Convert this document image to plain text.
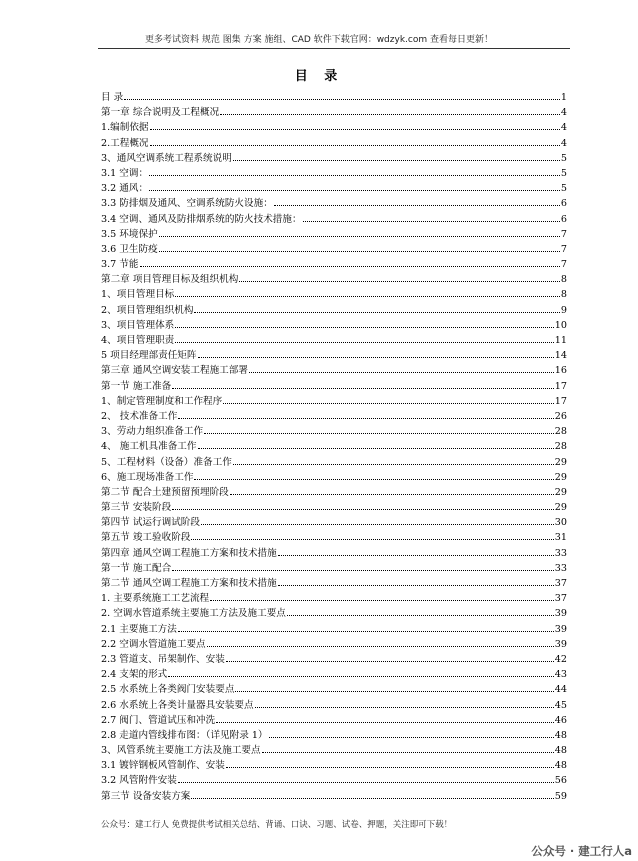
更多考试资料 规范 图集 方案 施组、CAD 软件下载官网：wdzyk.com 查看每日更新！
目 录
目 录	1
第一章 综合说明及工程概况	4
1.编制依据	4
2.工程概况	4
3、通风空调系统工程系统说明	5
3.1 空调：	5
3.2 通风：	5
3.3 防排烟及通风、空调系统防火设施：	6
3.4 空调、通风及防排烟系统的防火技术措施：	6
3.5 环境保护	7
3.6 卫生防疫	7
3.7 节能	7
第二章 项目管理目标及组织机构	8
1、项目管理目标	8
2、项目管理组织机构	9
3、项目管理体系	10
4、项目管理职责	11
5 项目经理部责任矩阵	14
第三章 通风空调安装工程施工部署	16
第一节 施工准备	17
1、制定管理制度和工作程序	17
2、 技术准备工作	26
3、劳动力组织准备工作	28
4、 施工机具准备工作	28
5、工程材料（设备）准备工作	29
6、施工现场准备工作	29
第二节 配合土建预留预埋阶段	29
第三节 安装阶段	29
第四节 试运行调试阶段	30
第五节 竣工验收阶段	31
第四章 通风空调工程施工方案和技术措施	33
第一节 施工配合	33
第二节 通风空调工程施工方案和技术措施	37
1. 主要系统施工工艺流程	37
2. 空调水管道系统主要施工方法及施工要点	39
2.1 主要施工方法	39
2.2 空调水管道施工要点	39
2.3 管道支、吊架制作、安装	42
2.4 支架的形式	43
2.5 水系统上各类阀门安装要点	44
2.6 水系统上各类计量器具安装要点	45
2.7 阀门、管道试压和冲洗	46
2.8 走道内管线排布图：（详见附录 1）	48
3、风管系统主要施工方法及施工要点	48
3.1 镀锌钢板风管制作、安装	48
3.2 风管附件安装	56
第三节 设备安装方案	59
公众号：建工行人 免费提供考试相关总结、背诵、口诀、习题、试卷、押题，关注即可下载！
公众号 · 建工行人a
